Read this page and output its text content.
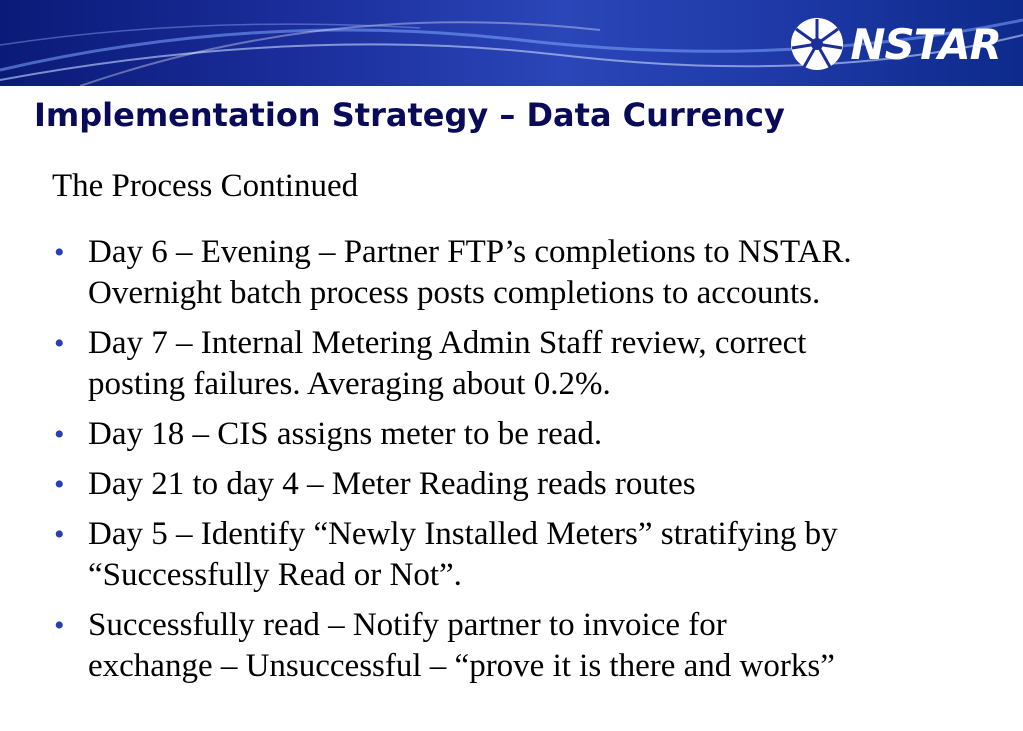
NSTAR
Implementation Strategy – Data Currency
The Process Continued
• Day 6 – Evening – Partner FTP’s completions to NSTAR.
Overnight batch process posts completions to accounts.
• Day 7 – Internal Metering Admin Staff review, correct
posting failures. Averaging about 0.2%.
• Day 18 – CIS assigns meter to be read.
• Day 21 to day 4 – Meter Reading reads routes
• Day 5 – Identify “Newly Installed Meters” stratifying by
“Successfully Read or Not”.
• Successfully read – Notify partner to invoice for
exchange – Unsuccessful – “prove it is there and works”
